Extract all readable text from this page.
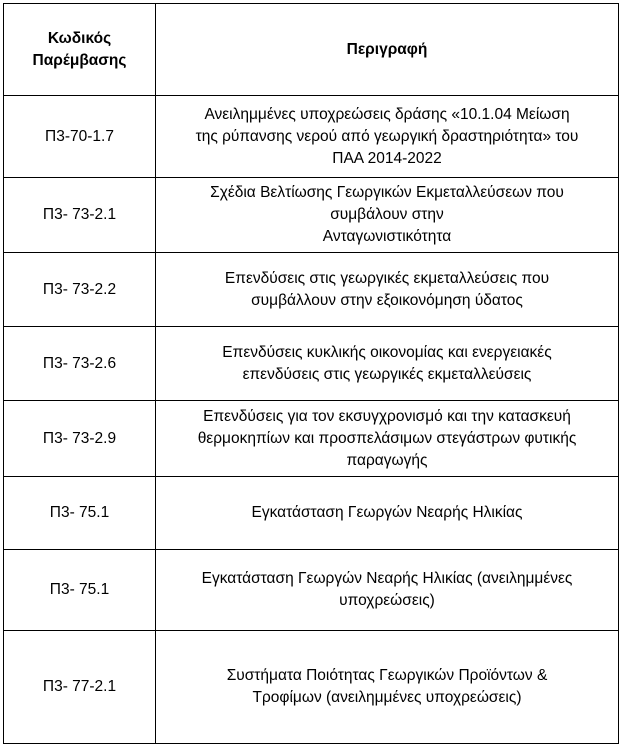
Κωδικός
Παρέμβασης	Περιγραφή
Π3-70-1.7	Ανειλημμένες υποχρεώσεις δράσης «10.1.04 Μείωση
της ρύπανσης νερού από γεωργική δραστηριότητα» του
ΠΑΑ 2014-2022

Π3- 73-2.1	Σχέδια Βελτίωσης Γεωργικών Εκμεταλλεύσεων που
συμβάλουν στην
Ανταγωνιστικότητα

Π3- 73-2.2	Επενδύσεις στις γεωργικές εκμεταλλεύσεις που
συμβάλλουν στην εξοικονόμηση ύδατος

Π3- 73-2.6	Επενδύσεις κυκλικής οικονομίας και ενεργειακές
επενδύσεις στις γεωργικές εκμεταλλεύσεις

Π3- 73-2.9	Επενδύσεις για τον εκσυγχρονισμό και την κατασκευή
θερμοκηπίων και προσπελάσιμων στεγάστρων φυτικής
παραγωγής

Π3- 75.1	Εγκατάσταση Γεωργών Νεαρής Ηλικίας

Π3- 75.1	Εγκατάσταση Γεωργών Νεαρής Ηλικίας (ανειλημμένες
υποχρεώσεις)

Π3- 77-2.1	Συστήματα Ποιότητας Γεωργικών Προϊόντων &
Τροφίμων (ανειλημμένες υποχρεώσεις)
